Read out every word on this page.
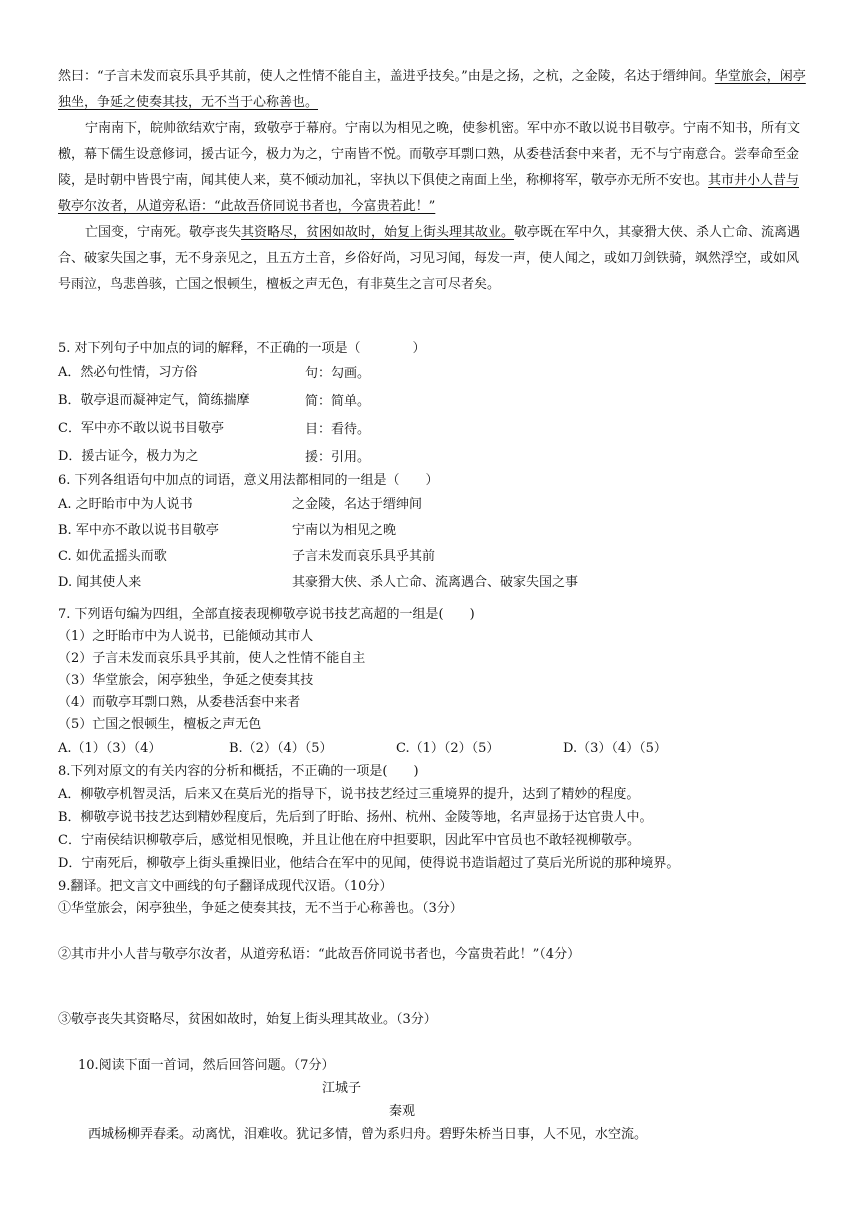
然曰：“子言未发而哀乐具乎其前，使人之性情不能自主，盖进乎技矣。”由是之扬，之杭，之金陵，名达于缙绅间。华堂旅会，闲亭独坐，争延之使奏其技，无不当于心称善也。

宁南南下，皖帅欲结欢宁南，致敬亭于幕府。宁南以为相见之晚，使参机密。军中亦不敢以说书目敬亭。宁南不知书，所有文檄，幕下儒生设意修词，援古证今，极力为之，宁南皆不悦。而敬亭耳剽口熟，从委巷活套中来者，无不与宁南意合。尝奉命至金陵，是时朝中皆畏宁南，闻其使人来，莫不倾动加礼，宰执以下俱使之南面上坐，称柳将军，敬亭亦无所不安也。其市井小人昔与敬亭尔汝者，从道旁私语：“此故吾侪同说书者也，今富贵若此！”

亡国变，宁南死。敬亭丧失其资略尽，贫困如故时，始复上街头理其故业。敬亭既在军中久，其豪猾大侠、杀人亡命、流离遇合、破家失国之事，无不身亲见之，且五方土音，乡俗好尚，习见习闻，每发一声，使人闻之，或如刀剑铁骑，飒然浮空，或如风号雨泣，鸟悲兽骇，亡国之恨顿生，檀板之声无色，有非莫生之言可尽者矣。

5. 对下列句子中加点的词的解释，不正确的一项是（　　　　）
A．然必句性情，习方俗	句：勾画。
B．敬亭退而凝神定气，简练揣摩	简：简单。
C．军中亦不敢以说书目敬亭	目：看待。
D．援古证今，极力为之	援：引用。
6. 下列各组语句中加点的词语，意义用法都相同的一组是（　　）
A. 之盱眙市中为人说书	之金陵，名达于缙绅间
B. 军中亦不敢以说书目敬亭	宁南以为相见之晚
C. 如优孟摇头而歌	子言未发而哀乐具乎其前
D. 闻其使人来	其豪猾大侠、杀人亡命、流离遇合、破家失国之事
7. 下列语句编为四组，全部直接表现柳敬亭说书技艺高超的一组是(　　)
（1）之盱眙市中为人说书，已能倾动其市人
（2）子言未发而哀乐具乎其前，使人之性情不能自主
（3）华堂旅会，闲亭独坐，争延之使奏其技
（4）而敬亭耳剽口熟，从委巷活套中来者
（5）亡国之恨顿生，檀板之声无色
A.（1）（3）（4）	B.（2）（4）（5）	C.（1）（2）（5）	D.（3）（4）（5）
8.下列对原文的有关内容的分析和概括，不正确的一项是(　　)
A．柳敬亭机智灵活，后来又在莫后光的指导下，说书技艺经过三重境界的提升，达到了精妙的程度。
B．柳敬亭说书技艺达到精妙程度后，先后到了盱眙、扬州、杭州、金陵等地，名声显扬于达官贵人中。
C．宁南侯结识柳敬亭后，感觉相见恨晚，并且让他在府中担要职，因此军中官员也不敢轻视柳敬亭。
D．宁南死后，柳敬亭上街头重操旧业，他结合在军中的见闻，使得说书造诣超过了莫后光所说的那种境界。
9.翻译。把文言文中画线的句子翻译成现代汉语。（10分）
①华堂旅会，闲亭独坐，争延之使奏其技，无不当于心称善也。（3分）
②其市井小人昔与敬亭尔汝者，从道旁私语：“此故吾侪同说书者也，今富贵若此！”（4分）
③敬亭丧失其资略尽，贫困如故时，始复上街头理其故业。（3分）
10.阅读下面一首词，然后回答问题。（7分）
江城子
秦观
西城杨柳弄春柔。动离忧，泪难收。犹记多情，曾为系归舟。碧野朱桥当日事，人不见，水空流。
